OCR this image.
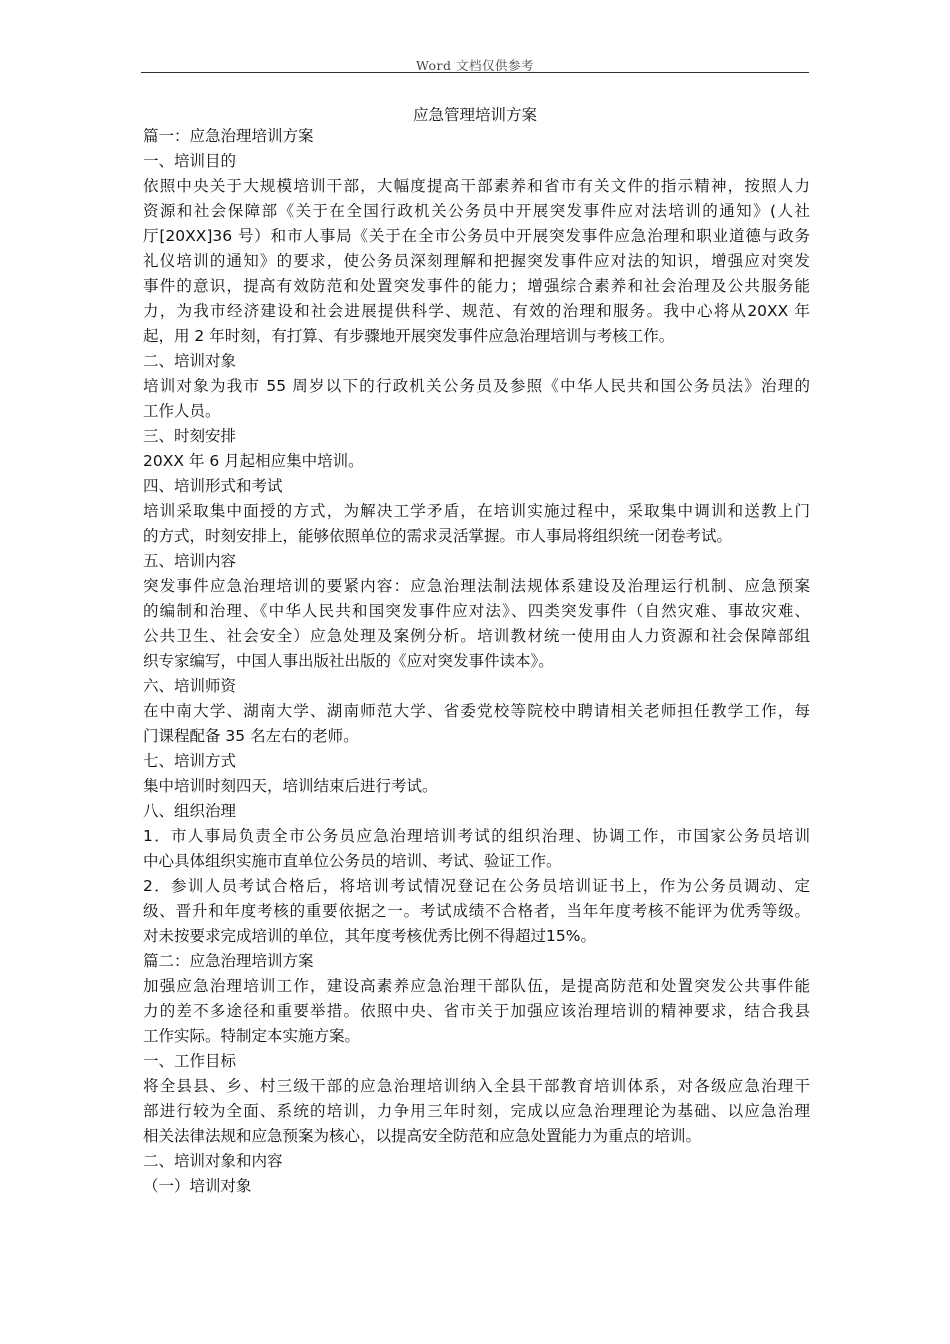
Word 文档仅供参考
应急管理培训方案
篇一：应急治理培训方案
一、培训目的
依照中央关于大规模培训干部，大幅度提高干部素养和省市有关文件的指示精神，按照人力
资源和社会保障部《关于在全国行政机关公务员中开展突发事件应对法培训的通知》(人社
厅[20XX]36 号）和市人事局《关于在全市公务员中开展突发事件应急治理和职业道德与政务
礼仪培训的通知》的要求，使公务员深刻理解和把握突发事件应对法的知识，增强应对突发
事件的意识，提高有效防范和处置突发事件的能力；增强综合素养和社会治理及公共服务能
力，为我市经济建设和社会进展提供科学、规范、有效的治理和服务。我中心将从20XX 年
起，用 2 年时刻，有打算、有步骤地开展突发事件应急治理培训与考核工作。
二、培训对象
培训对象为我市 55 周岁以下的行政机关公务员及参照《中华人民共和国公务员法》治理的
工作人员。
三、时刻安排
20XX 年 6 月起相应集中培训。
四、培训形式和考试
培训采取集中面授的方式，为解决工学矛盾，在培训实施过程中，采取集中调训和送教上门
的方式，时刻安排上，能够依照单位的需求灵活掌握。市人事局将组织统一闭卷考试。
五、培训内容
突发事件应急治理培训的要紧内容：应急治理法制法规体系建设及治理运行机制、应急预案
的编制和治理、《中华人民共和国突发事件应对法》、四类突发事件（自然灾难、事故灾难、
公共卫生、社会安全）应急处理及案例分析。培训教材统一使用由人力资源和社会保障部组
织专家编写，中国人事出版社出版的《应对突发事件读本》。
六、培训师资
在中南大学、湖南大学、湖南师范大学、省委党校等院校中聘请相关老师担任教学工作，每
门课程配备 35 名左右的老师。
七、培训方式
集中培训时刻四天，培训结束后进行考试。
八、组织治理
1．市人事局负责全市公务员应急治理培训考试的组织治理、协调工作，市国家公务员培训
中心具体组织实施市直单位公务员的培训、考试、验证工作。
2．参训人员考试合格后，将培训考试情况登记在公务员培训证书上，作为公务员调动、定
级、晋升和年度考核的重要依据之一。考试成绩不合格者，当年年度考核不能评为优秀等级。
对未按要求完成培训的单位，其年度考核优秀比例不得超过15%。
篇二：应急治理培训方案
加强应急治理培训工作，建设高素养应急治理干部队伍，是提高防范和处置突发公共事件能
力的差不多途径和重要举措。依照中央、省市关于加强应该治理培训的精神要求，结合我县
工作实际。特制定本实施方案。
一、工作目标
将全县县、乡、村三级干部的应急治理培训纳入全县干部教育培训体系，对各级应急治理干
部进行较为全面、系统的培训，力争用三年时刻，完成以应急治理理论为基础、以应急治理
相关法律法规和应急预案为核心，以提高安全防范和应急处置能力为重点的培训。
二、培训对象和内容
（一）培训对象
